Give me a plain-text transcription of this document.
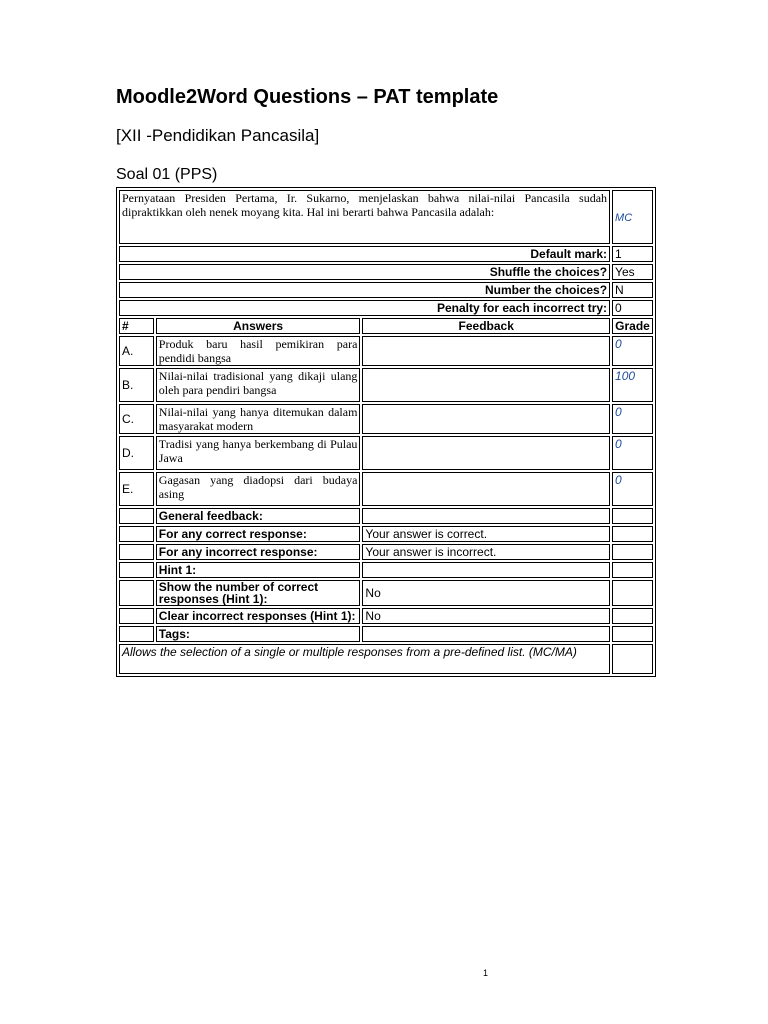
Moodle2Word Questions – PAT template
[XII -Pendidikan Pancasila]
Soal 01 (PPS)
Pernyataan Presiden Pertama, Ir. Sukarno, menjelaskan bahwa nilai-nilai Pancasila sudah dipraktikkan oleh nenek moyang kita. Hal ini berarti bahwa Pancasila adalah:			MC
Default mark:			1
Shuffle the choices?			Yes
Number the choices?			N
Penalty for each incorrect try:			0
#	Answers	Feedback	Grade
A.	Produk baru hasil pemikiran para pendidi bangsa		0
B.	Nilai-nilai tradisional yang dikaji ulang oleh para pendiri bangsa		100
C.	Nilai-nilai yang hanya ditemukan dalam masyarakat modern		0
D.	Tradisi yang hanya berkembang di Pulau Jawa		0
E.	Gagasan yang diadopsi dari budaya asing		0
	General feedback:		
	For any correct response:	Your answer is correct.	
	For any incorrect response:	Your answer is incorrect.	
	Hint 1:		
	Show the number of correct responses (Hint 1):	No	
	Clear incorrect responses (Hint 1):	No	
	Tags:		
Allows the selection of a single or multiple responses from a pre-defined list. (MC/MA)			
1
